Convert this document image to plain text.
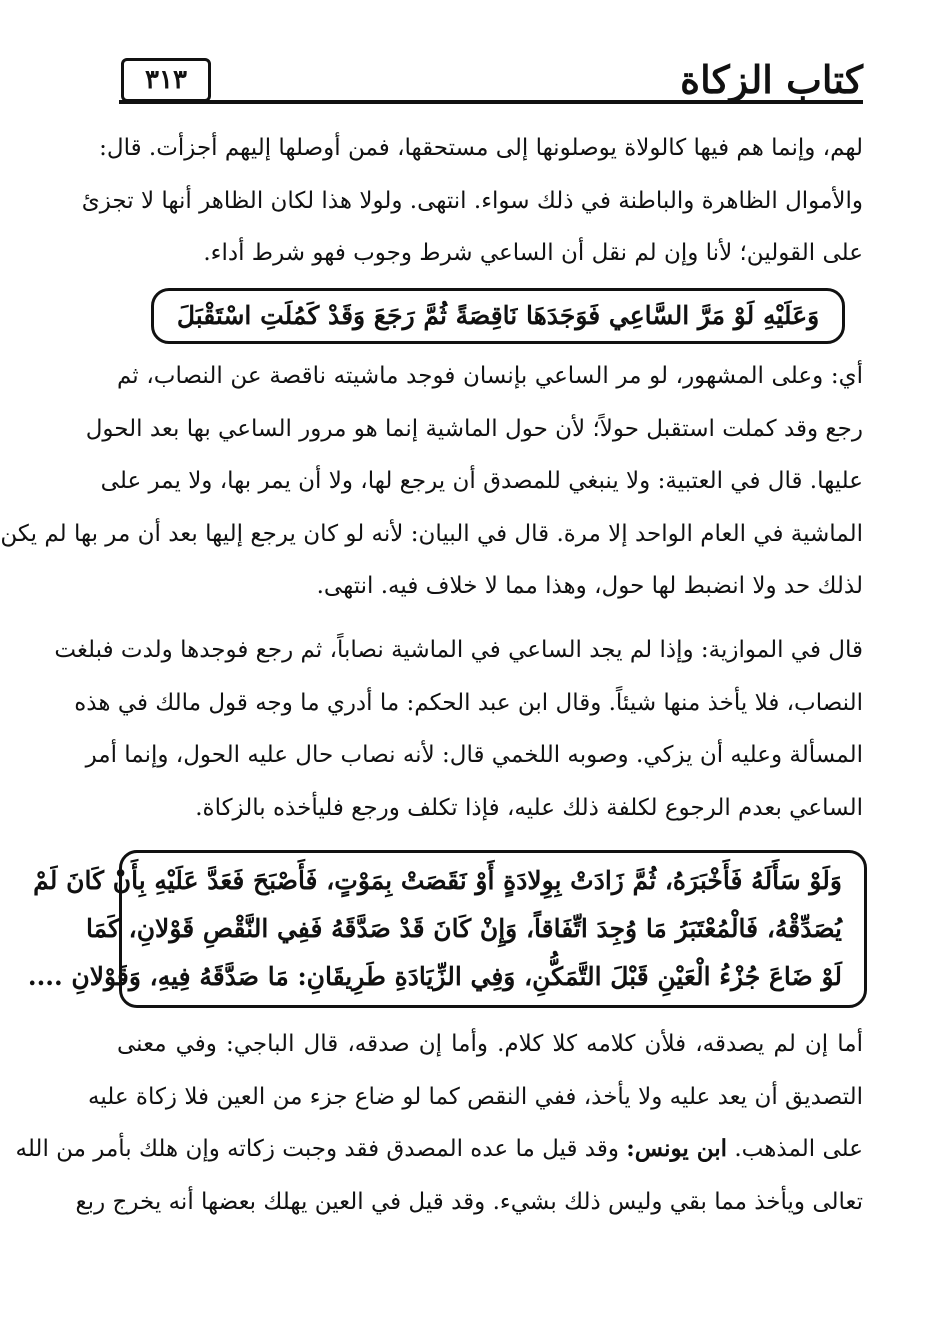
كتاب الزكاة
٣١٣
لهم، وإنما هم فيها كالولاة يوصلونها إلى مستحقها، فمن أوصلها إليهم أجزأت. قال:
والأموال الظاهرة والباطنة في ذلك سواء. انتهى. ولولا هذا لكان الظاهر أنها لا تجزئ
على القولين؛ لأنا وإن لم نقل أن الساعي شرط وجوب فهو شرط أداء.
وَعَلَيْهِ لَوْ مَرَّ السَّاعِي فَوَجَدَهَا نَاقِصَةً ثُمَّ رَجَعَ وَقَدْ كَمُلَتِ اسْتَقْبَلَ
أي: وعلى المشهور، لو مر الساعي بإنسان فوجد ماشيته ناقصة عن النصاب، ثم
رجع وقد كملت استقبل حولاً؛ لأن حول الماشية إنما هو مرور الساعي بها بعد الحول
عليها. قال في العتبية: ولا ينبغي للمصدق أن يرجع لها، ولا أن يمر بها، ولا يمر على
الماشية في العام الواحد إلا مرة. قال في البيان: لأنه لو كان يرجع إليها بعد أن مر بها لم يكن
لذلك حد ولا انضبط لها حول، وهذا مما لا خلاف فيه. انتهى.
قال في الموازية: وإذا لم يجد الساعي في الماشية نصاباً، ثم رجع فوجدها ولدت فبلغت
النصاب، فلا يأخذ منها شيئاً. وقال ابن عبد الحكم: ما أدري ما وجه قول مالك في هذه
المسألة وعليه أن يزكي. وصوبه اللخمي قال: لأنه نصاب حال عليه الحول، وإنما أمر
الساعي بعدم الرجوع لكلفة ذلك عليه، فإذا تكلف ورجع فليأخذه بالزكاة.
وَلَوْ سَأَلَهُ فَأَخْبَرَهُ، ثُمَّ زَادَتْ بِوِلادَةٍ أَوْ نَقَصَتْ بِمَوْتٍ، فَأَصْبَحَ فَعَدَّ عَلَيْهِ بِأَنْ كَانَ لَمْ
يُصَدِّقْهُ، فَالْمُعْتَبَرُ مَا وُجِدَ اتِّفَاقاً، وَإِنْ كَانَ قَدْ صَدَّقَهُ فَفِي النَّقْصِ قَوْلانِ، كَمَا
لَوْ ضَاعَ جُزْءُ الْعَيْنِ قَبْلَ التَّمَكُّنِ، وَفِي الزِّيَادَةِ طَرِيقَانِ: مَا صَدَّقَهُ فِيهِ، وَقَوْلانِ ....
أما إن لم يصدقه، فلأن كلامه كلا كلام. وأما إن صدقه، قال الباجي: وفي معنى
التصديق أن يعد عليه ولا يأخذ، ففي النقص كما لو ضاع جزء من العين فلا زكاة عليه
على المذهب. ابن يونس: وقد قيل ما عده المصدق فقد وجبت زكاته وإن هلك بأمر من الله
تعالى ويأخذ مما بقي وليس ذلك بشيء. وقد قيل في العين يهلك بعضها أنه يخرج ربع
